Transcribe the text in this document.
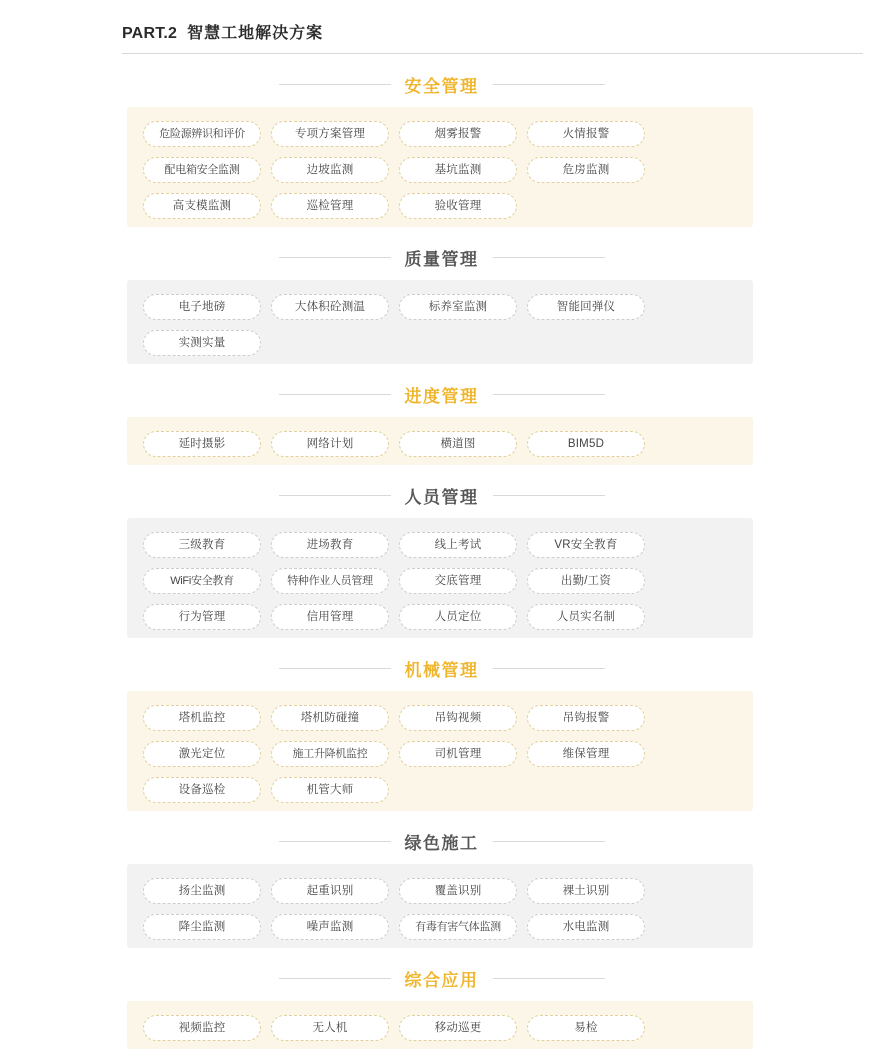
PART.2 智慧工地解决方案
安全管理
危险源辨识和评价	专项方案管理	烟雾报警	火情报警
配电箱安全监测	边坡监测	基坑监测	危房监测
高支模监测	巡检管理	验收管理
质量管理
电子地磅	大体积砼测温	标养室监测	智能回弹仪
实测实量
进度管理
延时摄影	网络计划	横道图	BIM5D
人员管理
三级教育	进场教育	线上考试	VR安全教育
WiFi安全教育	特种作业人员管理	交底管理	出勤/工资
行为管理	信用管理	人员定位	人员实名制
机械管理
塔机监控	塔机防碰撞	吊钩视频	吊钩报警
激光定位	施工升降机监控	司机管理	维保管理
设备巡检	机管大师
绿色施工
扬尘监测	起重识别	覆盖识别	裸土识别
降尘监测	噪声监测	有毒有害气体监测	水电监测
综合应用
视频监控	无人机	移动巡更	易检
